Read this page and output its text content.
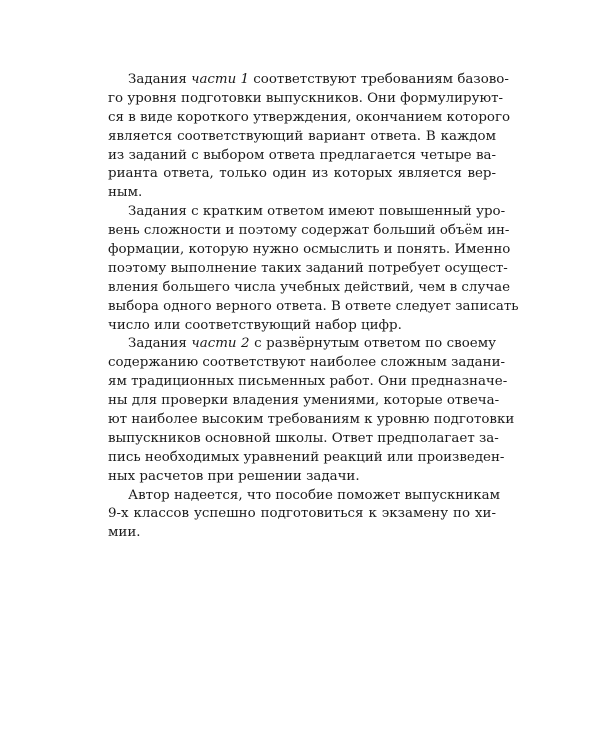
Задания части 1 соответствуют требованиям базово-
го уровня подготовки выпускников. Они формулируют-
ся в виде короткого утверждения, окончанием которого
является соответствующий вариант ответа. В каждом
из заданий с выбором ответа предлагается четыре ва-
рианта ответа, только один из которых является вер-
ным.
Задания с кратким ответом имеют повышенный уро-
вень сложности и поэтому содержат больший объём ин-
формации, которую нужно осмыслить и понять. Именно
поэтому выполнение таких заданий потребует осущест-
вления большего числа учебных действий, чем в случае
выбора одного верного ответа. В ответе следует записать
число или соответствующий набор цифр.
Задания части 2 с развёрнутым ответом по своему
содержанию соответствуют наиболее сложным задани-
ям традиционных письменных работ. Они предназначе-
ны для проверки владения умениями, которые отвеча-
ют наиболее высоким требованиям к уровню подготовки
выпускников основной школы. Ответ предполагает за-
пись необходимых уравнений реакций или произведен-
ных расчетов при решении задачи.
Автор надеется, что пособие поможет выпускникам
9-х классов успешно подготовиться к экзамену по хи-
мии.
